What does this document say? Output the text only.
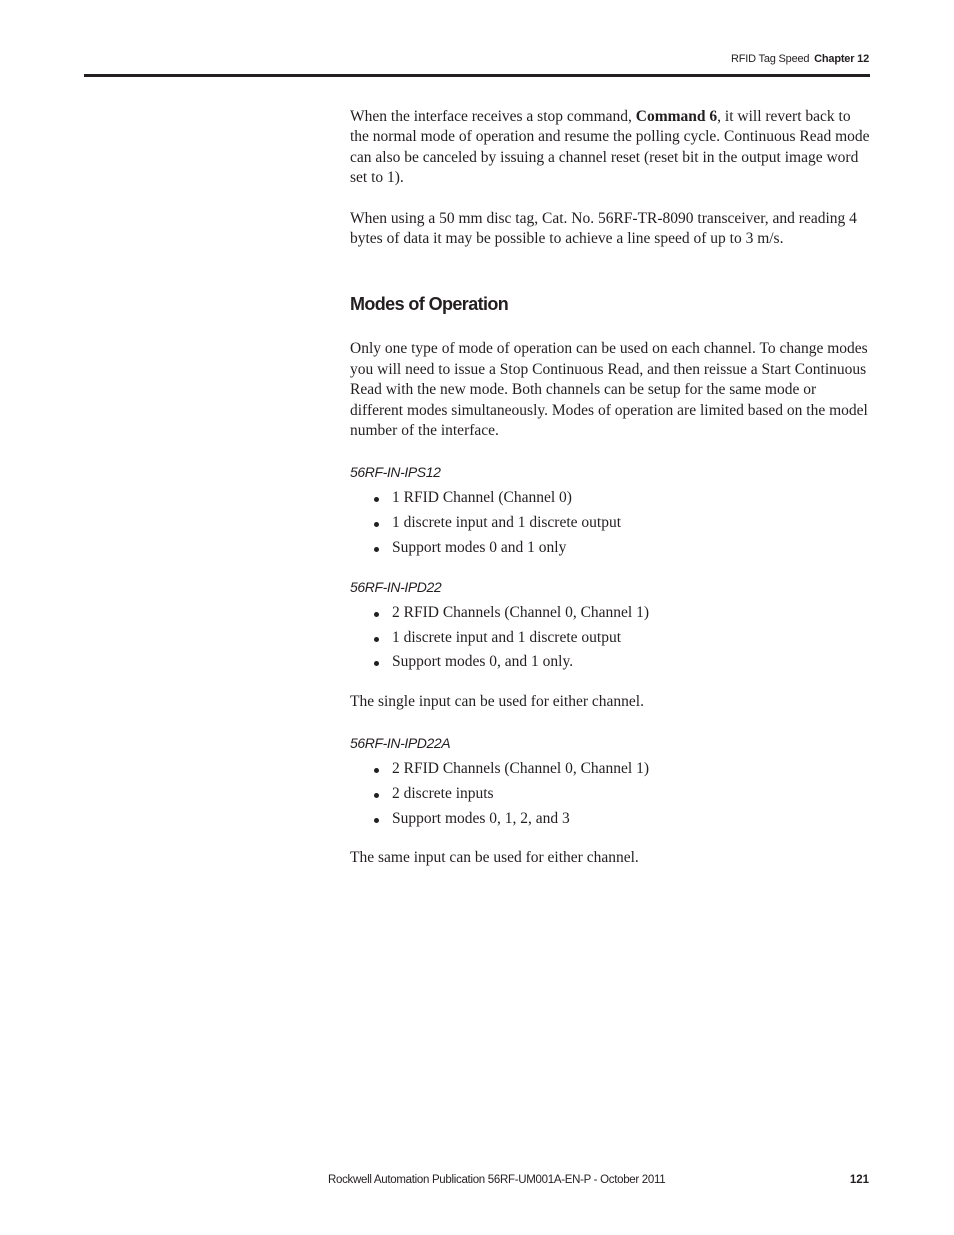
RFID Tag Speed Chapter 12

When the interface receives a stop command, Command 6, it will revert back to the normal mode of operation and resume the polling cycle. Continuous Read mode can also be canceled by issuing a channel reset (reset bit in the output image word set to 1).

When using a 50 mm disc tag, Cat. No. 56RF-TR-8090 transceiver, and reading 4 bytes of data it may be possible to achieve a line speed of up to 3 m/s.

Modes of Operation

Only one type of mode of operation can be used on each channel. To change modes you will need to issue a Stop Continuous Read, and then reissue a Start Continuous Read with the new mode. Both channels can be setup for the same mode or different modes simultaneously. Modes of operation are limited based on the model number of the interface.

56RF-IN-IPS12
1 RFID Channel (Channel 0)
1 discrete input and 1 discrete output
Support modes 0 and 1 only
56RF-IN-IPD22
2 RFID Channels (Channel 0, Channel 1)
1 discrete input and 1 discrete output
Support modes 0, and 1 only.

The single input can be used for either channel.

56RF-IN-IPD22A
2 RFID Channels (Channel 0, Channel 1)
2 discrete inputs
Support modes 0, 1, 2, and 3

The same input can be used for either channel.

Rockwell Automation Publication 56RF-UM001A-EN-P - October 2011	121
